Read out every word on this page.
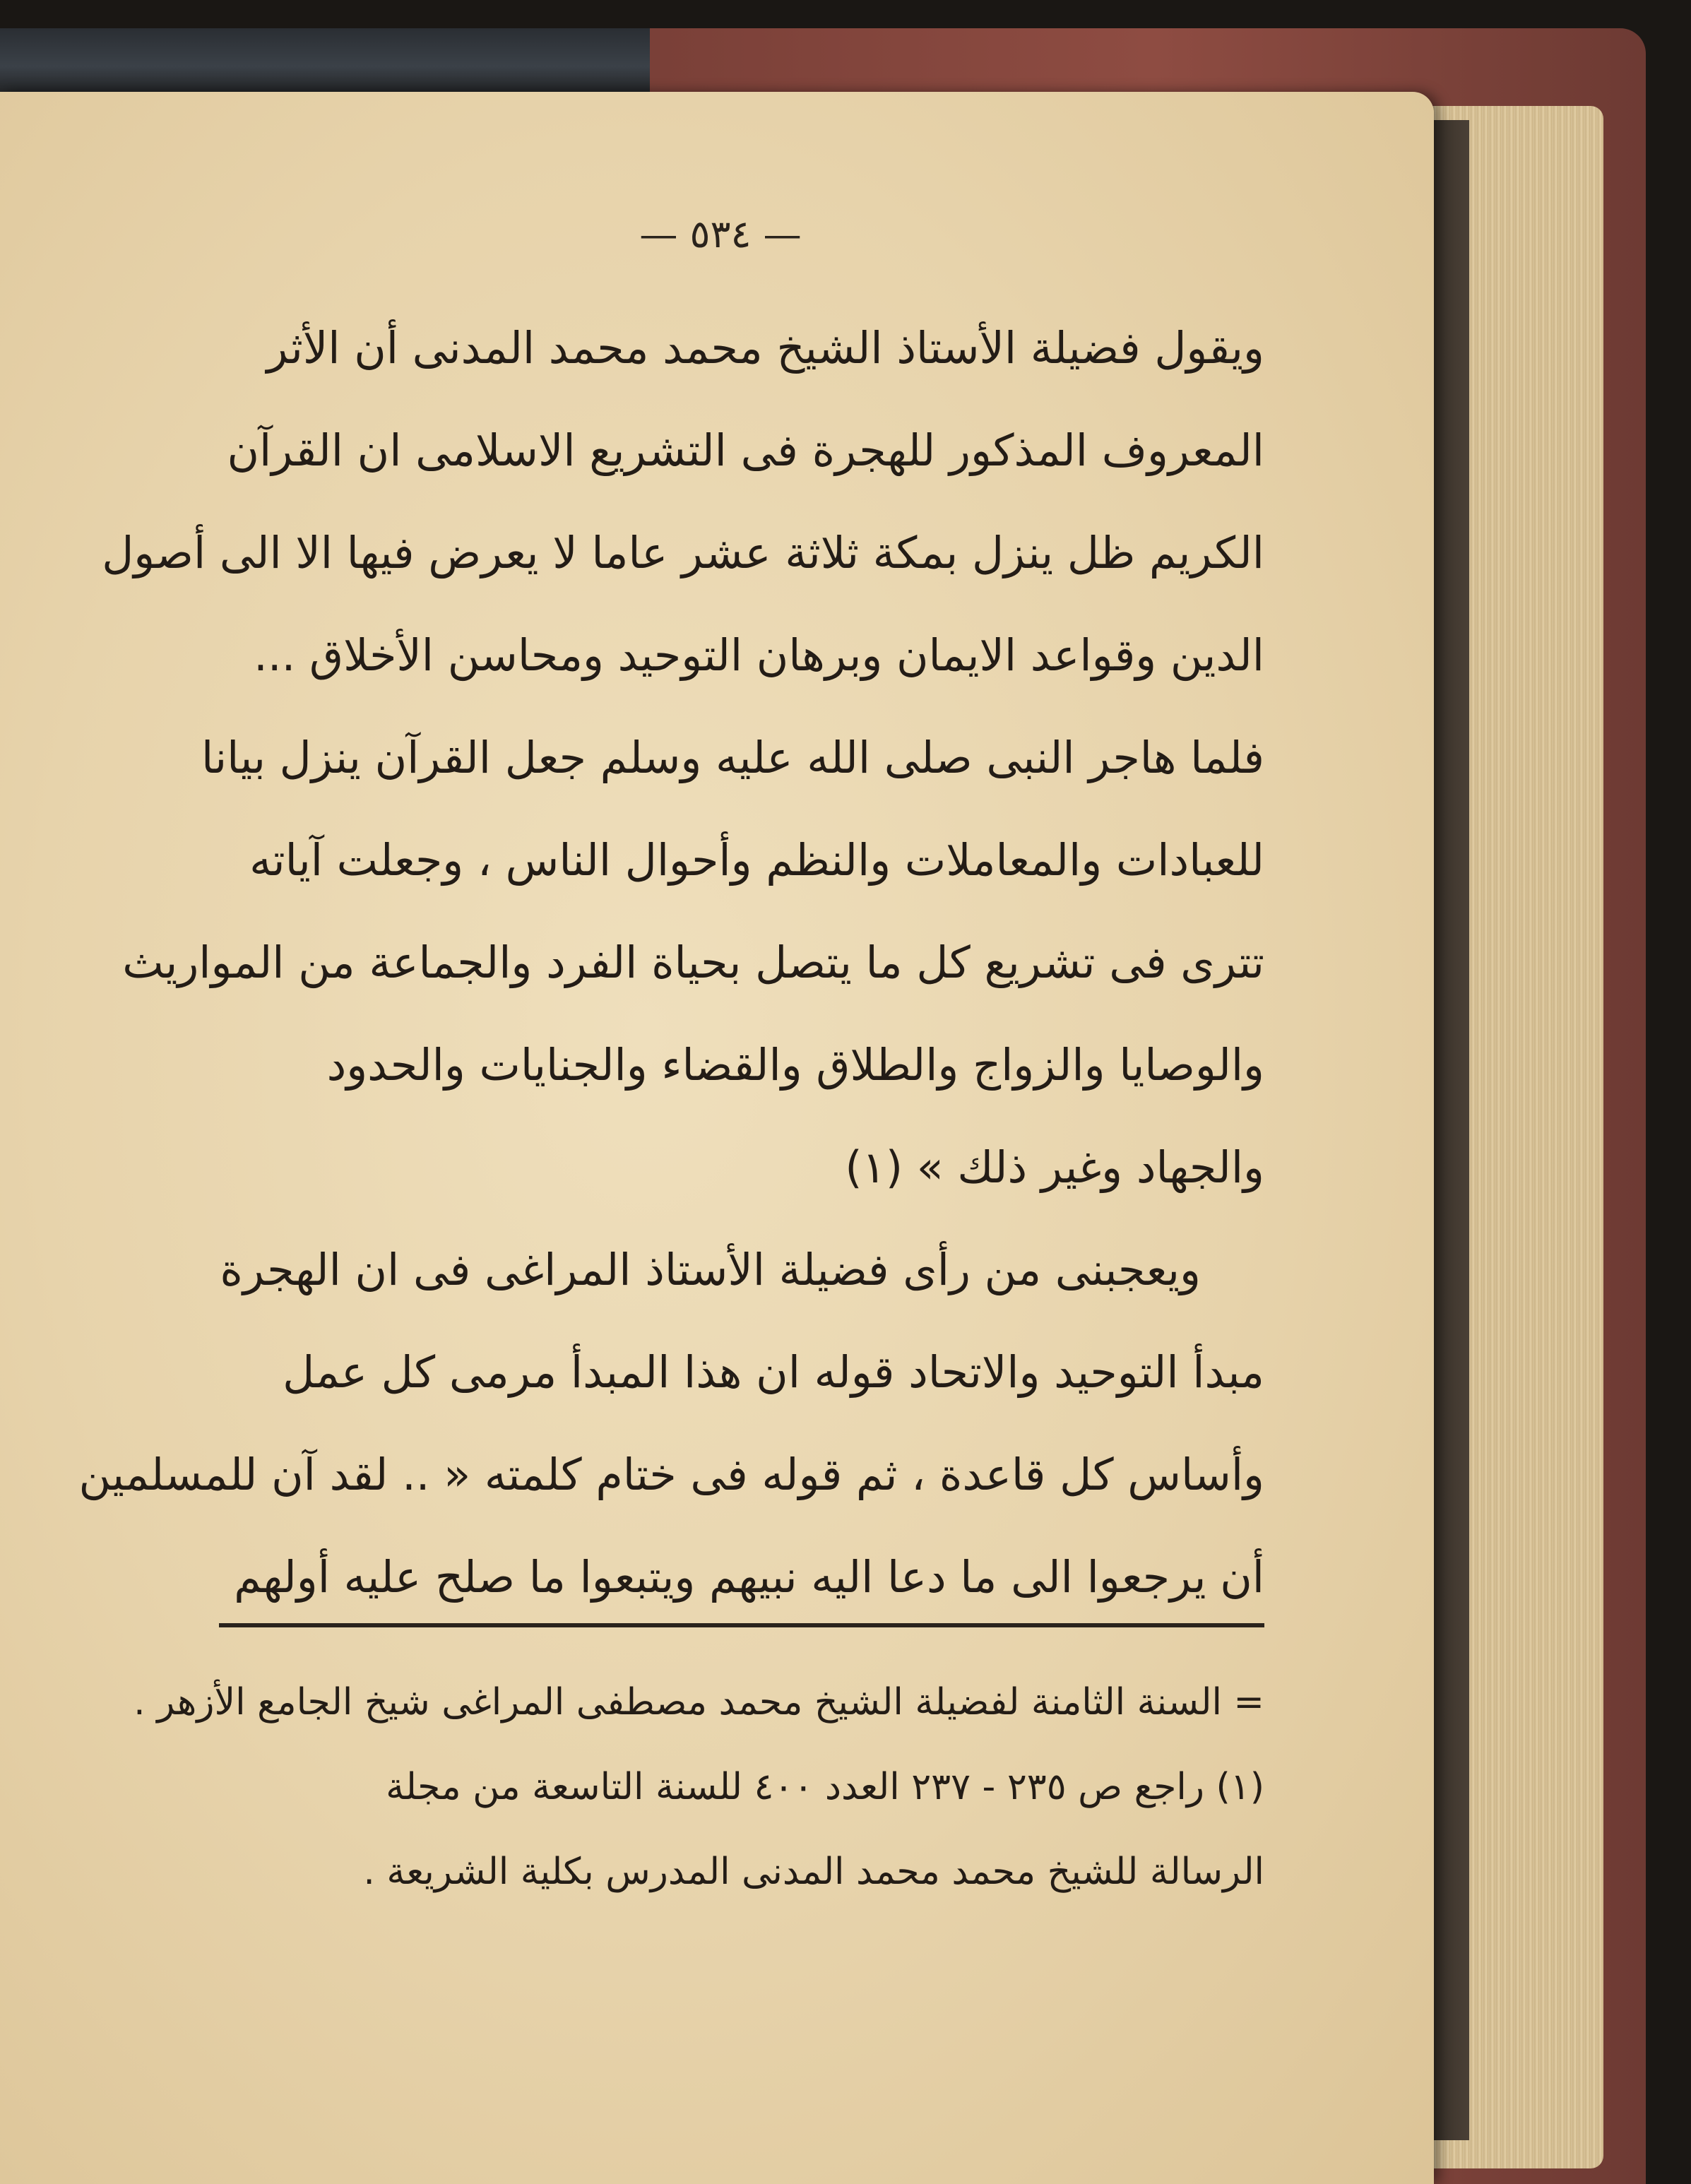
— ٥٣٤ —

ويقول فضيلة الأستاذ الشيخ محمد محمد المدنى أن الأثر
المعروف المذكور للهجرة فى التشريع الاسلامى ان القرآن
الكريم ظل ينزل بمكة ثلاثة عشر عاما لا يعرض فيها الا الى أصول
الدين وقواعد الايمان وبرهان التوحيد ومحاسن الأخلاق ...
فلما هاجر النبى صلى الله عليه وسلم جعل القرآن ينزل بيانا
للعبادات والمعاملات والنظم وأحوال الناس ، وجعلت آياته
تترى فى تشريع كل ما يتصل بحياة الفرد والجماعة من المواريث
والوصايا والزواج والطلاق والقضاء والجنايات والحدود
والجهاد وغير ذلك » (١)

ويعجبنى من رأى فضيلة الأستاذ المراغى فى ان الهجرة
مبدأ التوحيد والاتحاد قوله ان هذا المبدأ مرمى كل عمل
وأساس كل قاعدة ، ثم قوله فى ختام كلمته « .. لقد آن للمسلمين
أن يرجعوا الى ما دعا اليه نبيهم ويتبعوا ما صلح عليه أولهم

= السنة الثامنة لفضيلة الشيخ محمد مصطفى المراغى شيخ الجامع الأزهر .
(١) راجع ص ٢٣٥ - ٢٣٧ العدد ٤٠٠ للسنة التاسعة من مجلة
الرسالة للشيخ محمد محمد المدنى المدرس بكلية الشريعة .
